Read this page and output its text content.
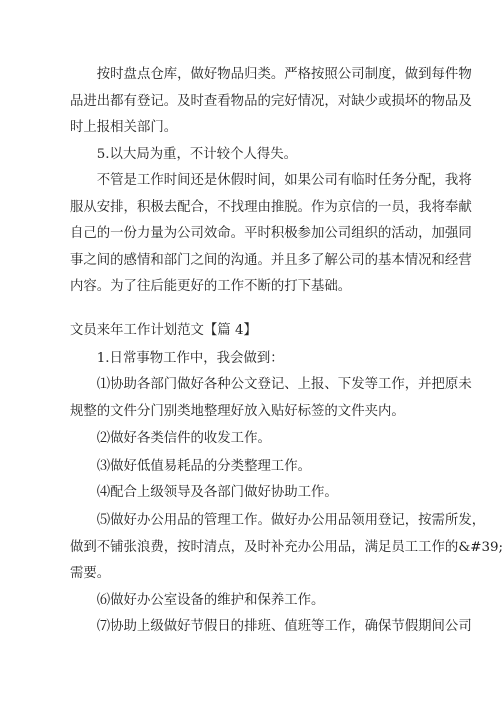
　　按时盘点仓库，做好物品归类。严格按照公司制度，做到每件物
品进出都有登记。及时查看物品的完好情况，对缺少或损坏的物品及
时上报相关部门。

　　5.以大局为重，不计较个人得失。

　　不管是工作时间还是休假时间，如果公司有临时任务分配，我将
服从安排，积极去配合，不找理由推脱。作为京信的一员，我将奉献
自己的一份力量为公司效命。平时积极参加公司组织的活动，加强同
事之间的感情和部门之间的沟通。并且多了解公司的基本情况和经营
内容。为了往后能更好的工作不断的打下基础。

文员来年工作计划范文【篇 4】

　　1.日常事物工作中，我会做到：

　　⑴协助各部门做好各种公文登记、上报、下发等工作，并把原未
规整的文件分门别类地整理好放入贴好标签的文件夹内。

　　⑵做好各类信件的收发工作。

　　⑶做好低值易耗品的分类整理工作。

　　⑷配合上级领导及各部门做好协助工作。

　　⑸做好办公用品的管理工作。做好办公用品领用登记，按需所发，
做到不铺张浪费，按时清点，及时补充办公用品，满足员工工作的&#39;
需要。

　　⑹做好办公室设备的维护和保养工作。

　　⑺协助上级做好节假日的排班、值班等工作，确保节假期间公司
